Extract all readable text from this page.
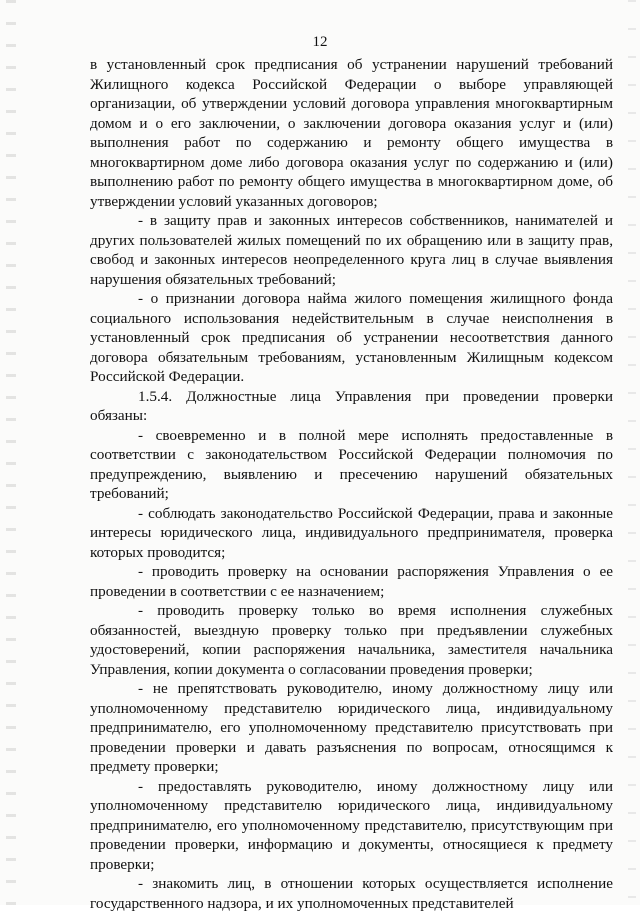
12

в установленный срок предписания об устранении нарушений требований Жилищного кодекса Российской Федерации о выборе управляющей организации, об утверждении условий договора управления многоквартирным домом и о его заключении, о заключении договора оказания услуг и (или) выполнения работ по содержанию и ремонту общего имущества в многоквартирном доме либо договора оказания услуг по содержанию и (или) выполнению работ по ремонту общего имущества в многоквартирном доме, об утверждении условий указанных договоров;

- в защиту прав и законных интересов собственников, нанимателей и других пользователей жилых помещений по их обращению или в защиту прав, свобод и законных интересов неопределенного круга лиц в случае выявления нарушения обязательных требований;

- о признании договора найма жилого помещения жилищного фонда социального использования недействительным в случае неисполнения в установленный срок предписания об устранении несоответствия данного договора обязательным требованиям, установленным Жилищным кодексом Российской Федерации.

1.5.4. Должностные лица Управления при проведении проверки обязаны:

- своевременно и в полной мере исполнять предоставленные в соответствии с законодательством Российской Федерации полномочия по предупреждению, выявлению и пресечению нарушений обязательных требований;

- соблюдать законодательство Российской Федерации, права и законные интересы юридического лица, индивидуального предпринимателя, проверка которых проводится;

- проводить проверку на основании распоряжения Управления о ее проведении в соответствии с ее назначением;

- проводить проверку только во время исполнения служебных обязанностей, выездную проверку только при предъявлении служебных удостоверений, копии распоряжения начальника, заместителя начальника Управления, копии документа о согласовании проведения проверки;

- не препятствовать руководителю, иному должностному лицу или уполномоченному представителю юридического лица, индивидуальному предпринимателю, его уполномоченному представителю присутствовать при проведении проверки и давать разъяснения по вопросам, относящимся к предмету проверки;

- предоставлять руководителю, иному должностному лицу или уполномоченному представителю юридического лица, индивидуальному предпринимателю, его уполномоченному представителю, присутствующим при проведении проверки, информацию и документы, относящиеся к предмету проверки;

- знакомить лиц, в отношении которых осуществляется исполнение государственного надзора, и их уполномоченных представителей
